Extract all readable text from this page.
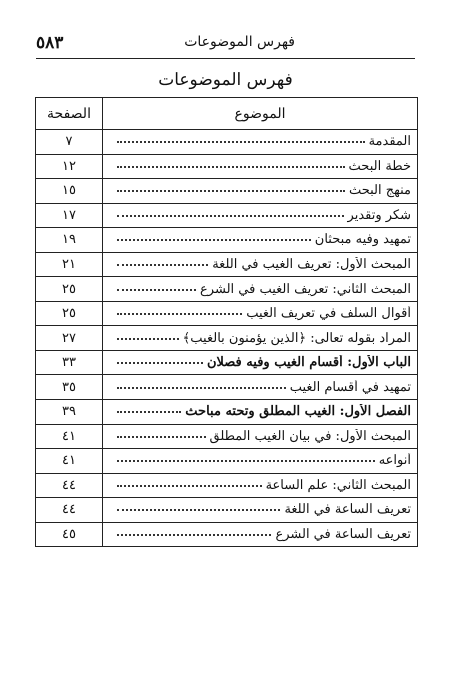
فهرس الموضوعات
٥٨٣
فهرس الموضوعات
الموضوع	الصفحة

المقدمة	٧

خطة البحث	١٢

منهج البحث	١٥

شكر وتقدير	١٧

تمهيد وفيه مبحثان	١٩

المبحث الأول: تعريف الغيب في اللغة	٢١

المبحث الثاني: تعريف الغيب في الشرع	٢٥

أقوال السلف في تعريف الغيب	٢٥

المراد بقوله تعالى: ﴿الذين يؤمنون بالغيب﴾	٢٧

الباب الأول: أقسام الغيب وفيه فصلان	٣٣

تمهيد في أقسام الغيب	٣٥

الفصل الأول: الغيب المطلق وتحته مباحث	٣٩

المبحث الأول: في بيان الغيب المطلق	٤١

أنواعه	٤١

المبحث الثاني: علم الساعة	٤٤

تعريف الساعة في اللغة	٤٤

تعريف الساعة في الشرع	٤٥
